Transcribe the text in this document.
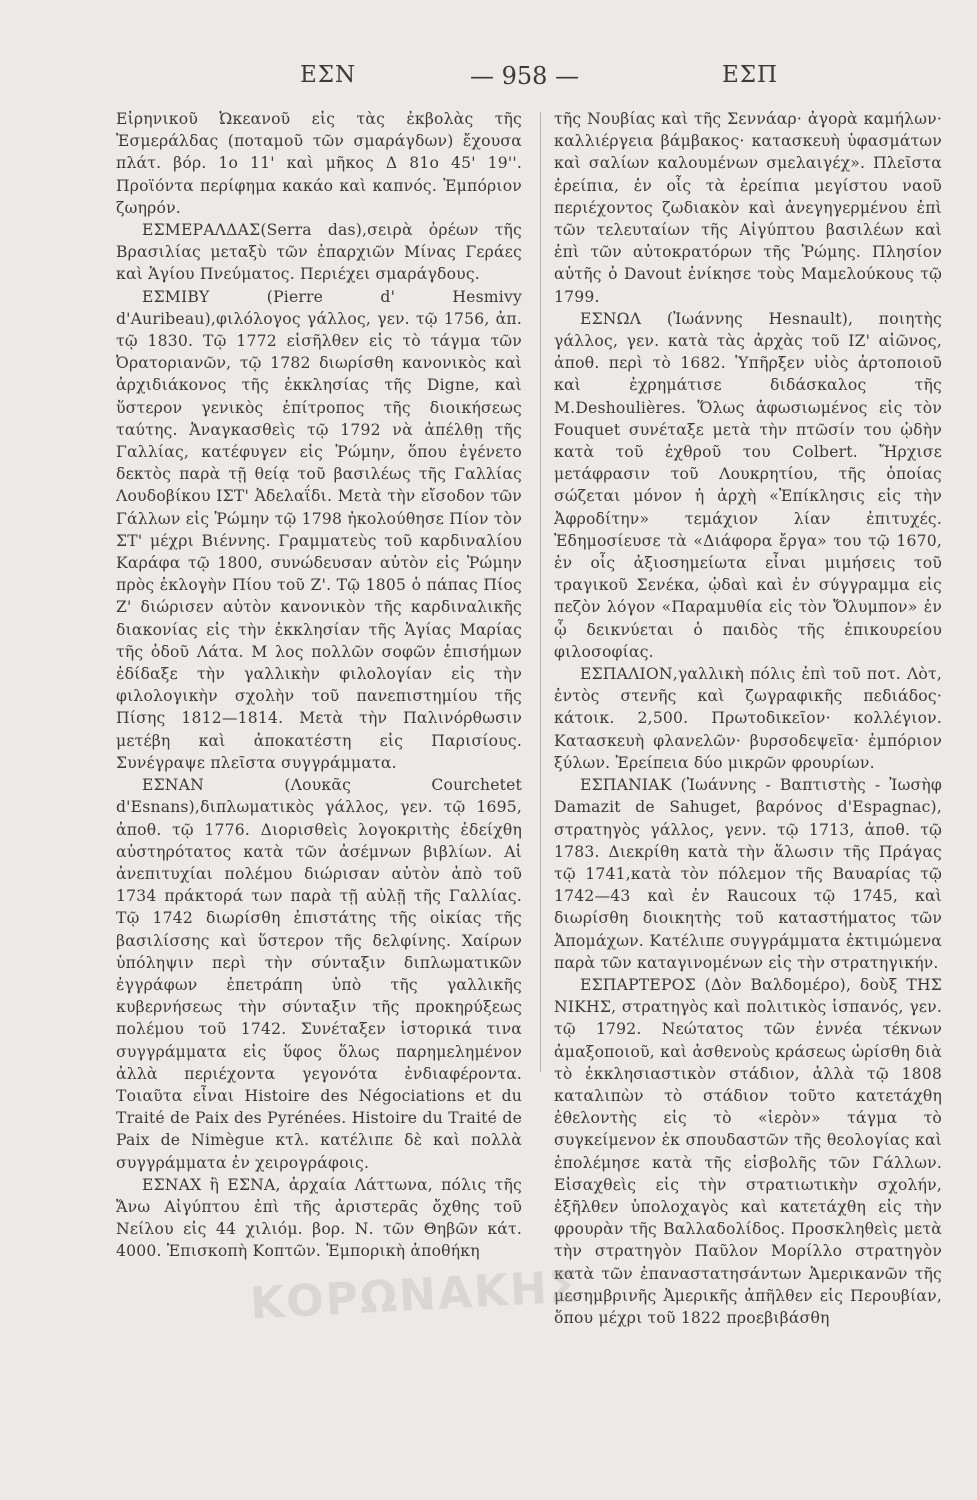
ΕΣΝ	— 958 —	ΕΣΠ

Εἰρηνικοῦ Ὠκεανοῦ εἰς τὰς ἐκβολὰς τῆς Ἐσμεράλδας (ποταμοῦ τῶν σμαράγδων) ἔχουσα πλάτ. βόρ. 1ο 11' καὶ μῆκος Δ 81ο 45' 19''. Προϊόντα περίφημα κακάο καὶ καπνός. Ἐμπόριον ζωηρόν.

ΕΣΜΕΡΑΛΔΑΣ(Serra das),σειρὰ ὀρέων τῆς Βρασιλίας μεταξὺ τῶν ἐπαρχιῶν Μίνας Γεράες καὶ Ἁγίου Πνεύματος. Περιέχει σμαράγδους.

ΕΣΜΙΒΥ (Pierre d' Hesmivy d'Auribeau),φιλόλογος γάλλος, γεν. τῷ 1756, ἀπ. τῷ 1830. Τῷ 1772 εἰσῆλθεν εἰς τὸ τάγμα τῶν Ὀρατοριανῶν, τῷ 1782 διωρίσθη κανονικὸς καὶ ἀρχιδιάκονος τῆς ἐκκλησίας τῆς Digne, καὶ ὕστερον γενικὸς ἐπίτροπος τῆς διοικήσεως ταύτης. Ἀναγκασθεὶς τῷ 1792 νὰ ἀπέλθῃ τῆς Γαλλίας, κατέφυγεν εἰς Ῥώμην, ὅπου ἐγένετο δεκτὸς παρὰ τῇ θείᾳ τοῦ βασιλέως τῆς Γαλλίας Λουδοβίκου ΙΣΤ' Ἀδελαΐδι. Μετὰ τὴν εἴσοδον τῶν Γάλλων εἰς Ῥώμην τῷ 1798 ἠκολούθησε Πίον τὸν ΣΤ' μέχρι Βιέννης. Γραμματεὺς τοῦ καρδιναλίου Καράφα τῷ 1800, συνώδευσαν αὐτὸν εἰς Ῥώμην πρὸς ἐκλογὴν Πίου τοῦ Ζ'. Τῷ 1805 ὁ πάπας Πίος Ζ' διώρισεν αὐτὸν κανονικὸν τῆς καρδιναλικῆς διακονίας εἰς τὴν ἐκκλησίαν τῆς Ἁγίας Μαρίας τῆς ὁδοῦ Λάτα. Μ λος πολλῶν σοφῶν ἐπισήμων ἐδίδαξε τὴν γαλλικὴν φιλολογίαν εἰς τὴν φιλολογικὴν σχολὴν τοῦ πανεπιστημίου τῆς Πίσης 1812—1814. Μετὰ τὴν Παλινόρθωσιν μετέβη καὶ ἀποκατέστη εἰς Παρισίους. Συνέγραψε πλεῖστα συγγράμματα.

ΕΣΝΑΝ (Λουκᾶς Courchetet d'Esnans),διπλωματικὸς γάλλος, γεν. τῷ 1695, ἀποθ. τῷ 1776. Διορισθεὶς λογοκριτὴς ἐδείχθη αὐστηρότατος κατὰ τῶν ἀσέμνων βιβλίων. Αἱ ἀνεπιτυχίαι πολέμου διώρισαν αὐτὸν ἀπὸ τοῦ 1734 πράκτορά των παρὰ τῇ αὐλῇ τῆς Γαλλίας. Τῷ 1742 διωρίσθη ἐπιστάτης τῆς οἰκίας τῆς βασιλίσσης καὶ ὕστερον τῆς δελφίνης. Χαίρων ὑπόληψιν περὶ τὴν σύνταξιν διπλωματικῶν ἐγγράφων ἐπετράπη ὑπὸ τῆς γαλλικῆς κυβερνήσεως τὴν σύνταξιν τῆς προκηρύξεως πολέμου τοῦ 1742. Συνέταξεν ἱστορικά τινα συγγράμματα εἰς ὕφος ὅλως παρημελημένον ἀλλὰ περιέχοντα γεγονότα ἐνδιαφέροντα. Τοιαῦτα εἶναι Histoire des Négociations et du Traité de Paix des Pyrénées. Histoire du Traité de Paix de Nimègue κτλ. κατέλιπε δὲ καὶ πολλὰ συγγράμματα ἐν χειρογράφοις.

ΕΣΝΑΧ ἢ ΕΣΝΑ, ἀρχαία Λάττωνα, πόλις τῆς Ἄνω Αἰγύπτου ἐπὶ τῆς ἀριστερᾶς ὄχθης τοῦ Νείλου εἰς 44 χιλιόμ. βορ. Ν. τῶν Θηβῶν κάτ. 4000. Ἐπισκοπὴ Κοπτῶν. Ἐμπορικὴ ἀποθήκη

τῆς Νουβίας καὶ τῆς Σεννάαρ· ἀγορὰ καμήλων· καλλιέργεια βάμβακος· κατασκευὴ ὑφασμάτων καὶ σαλίων καλουμένων σμελαιγέχ». Πλεῖστα ἐρείπια, ἐν οἷς τὰ ἐρείπια μεγίστου ναοῦ περιέχοντος ζωδιακὸν καὶ ἀνεγηγερμένου ἐπὶ τῶν τελευταίων τῆς Αἰγύπτου βασιλέων καὶ ἐπὶ τῶν αὐτοκρατόρων τῆς Ῥώμης. Πλησίον αὐτῆς ὁ Davout ἐνίκησε τοὺς Μαμελούκους τῷ 1799.

ΕΣΝΩΛ (Ἰωάννης Hesnault), ποιητὴς γάλλος, γεν. κατὰ τὰς ἀρχὰς τοῦ ΙΖ' αἰῶνος, ἀποθ. περὶ τὸ 1682. Ὑπῆρξεν υἱὸς ἀρτοποιοῦ καὶ ἐχρημάτισε διδάσκαλος τῆς M.Deshoulières. Ὅλως ἀφωσιωμένος εἰς τὸν Fouquet συνέταξε μετὰ τὴν πτῶσίν του ᾠδὴν κατὰ τοῦ ἐχθροῦ του Colbert. Ἤρχισε μετάφρασιν τοῦ Λουκρητίου, τῆς ὁποίας σώζεται μόνον ἡ ἀρχὴ «Ἐπίκλησις εἰς τὴν Ἀφροδίτην» τεμάχιον λίαν ἐπιτυχές. Ἐδημοσίευσε τὰ «Διάφορα ἔργα» του τῷ 1670, ἐν οἷς ἀξιοσημείωτα εἶναι μιμήσεις τοῦ τραγικοῦ Σενέκα, ᾠδαὶ καὶ ἐν σύγγραμμα εἰς πεζὸν λόγον «Παραμυθία εἰς τὸν Ὄλυμπον» ἐν ᾧ δεικνύεται ὁ παιδὸς τῆς ἐπικουρείου φιλοσοφίας.

ΕΣΠΑΛΙΟΝ,γαλλικὴ πόλις ἐπὶ τοῦ ποτ. Λὸτ, ἐντὸς στενῆς καὶ ζωγραφικῆς πεδιάδος· κάτοικ. 2,500. Πρωτοδικεῖον· κολλέγιον. Κατασκευὴ φλανελῶν· βυρσοδεψεῖα· ἐμπόριον ξύλων. Ἐρείπεια δύο μικρῶν φρουρίων.

ΕΣΠΑΝΙΑΚ (Ἰωάννης - Βαπτιστὴς - Ἰωσὴφ Damazit de Sahuget, βαρόνος d'Espagnac), στρατηγὸς γάλλος, γενν. τῷ 1713, ἀποθ. τῷ 1783. Διεκρίθη κατὰ τὴν ἅλωσιν τῆς Πράγας τῷ 1741,κατὰ τὸν πόλεμον τῆς Βαυαρίας τῷ 1742—43 καὶ ἐν Raucoux τῷ 1745, καὶ διωρίσθη διοικητὴς τοῦ καταστήματος τῶν Ἀπομάχων. Κατέλιπε συγγράμματα ἐκτιμώμενα παρὰ τῶν καταγινομένων εἰς τὴν στρατηγικήν.

ΕΣΠΑΡΤΕΡΟΣ (Δὸν Βαλδομέρο), δοὺξ ΤΗΣ ΝΙΚΗΣ, στρατηγὸς καὶ πολιτικὸς ἱσπανός, γεν. τῷ 1792. Νεώτατος τῶν ἐννέα τέκνων ἀμαξοποιοῦ, καὶ ἀσθενοὺς κράσεως ὡρίσθη διὰ τὸ ἐκκλησιαστικὸν στάδιον, ἀλλὰ τῷ 1808 καταλιπὼν τὸ στάδιον τοῦτο κατετάχθη ἐθελοντὴς εἰς τὸ «ἱερὸν» τάγμα τὸ συγκείμενον ἐκ σπουδαστῶν τῆς θεολογίας καὶ ἐπολέμησε κατὰ τῆς εἰσβολῆς τῶν Γάλλων. Εἰσαχθεὶς εἰς τὴν στρατιωτικὴν σχολήν, ἐξῆλθεν ὑπολοχαγὸς καὶ κατετάχθη εἰς τὴν φρουρὰν τῆς Βαλλαδολίδος. Προσκληθεὶς μετὰ τὴν στρατηγὸν Παῦλον Μορίλλο στρατηγὸν κατὰ τῶν ἐπαναστατησάντων Ἀμερικανῶν τῆς μεσημβρινῆς Ἀμερικῆς ἀπῆλθεν εἰς Περουβίαν, ὅπου μέχρι τοῦ 1822 προεβιβάσθη

ΚΟΡΩΝΑΚΗΣ
